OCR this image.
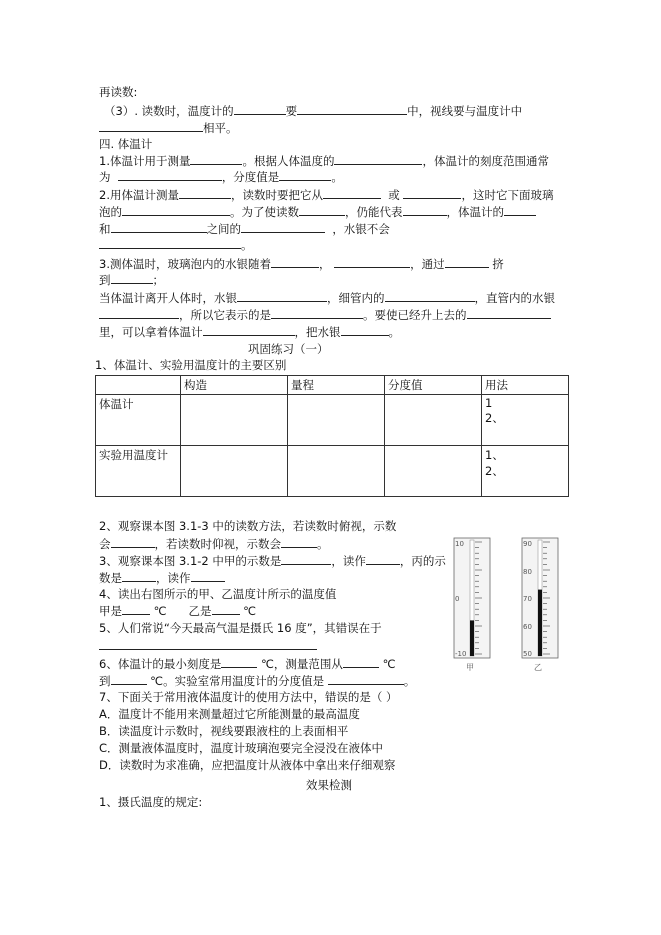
再读数:
（3）. 读数时，温度计的	要	中，视线要与温度计中
相平。
四. 体温计
1.体温计用于测量	。根据人体温度的	，体温计的刻度范围通常
为	，分度值是	。
2.用体温计测量	，读数时要把它从	或	，这时它下面玻璃
泡的	。为了使读数	，仍能代表	，体温计的
和	之间的	，水银不会
。
3.测体温时，玻璃泡内的水银随着	，	，通过	挤
到	；
当体温计离开人体时，水银	，细管内的	，直管内的水银
，所以它表示的是	。要使已经升上去的
里，可以拿着体温计	，把水银	。
巩固练习（一）
1、体温计、实验用温度计的主要区别
	构造	量程	分度值	用法
体温计				1
2、

实验用温度计				1、
2、
2、观察课本图 3.1-3 中的读数方法，若读数时俯视，示数
会	，若读数时仰视，示数会	。
3、观察课本图 3.1-2 中甲的示数是	，读作	，丙的示
数是	，读作
4、读出右图所示的甲、乙温度计所示的温度值
甲是	℃ 乙是	℃
5、人们常说“今天最高气温是摄氏 16 度”，其错误在于
6、体温计的最小刻度是	℃，测量范围从	℃
到	℃。实验室常用温度计的分度值是	。
7、下面关于常用液体温度计的使用方法中，错误的是（ ）
A．温度计不能用来测量超过它所能测量的最高温度
B．读温度计示数时，视线要跟液柱的上表面相平
C．测量液体温度时，温度计玻璃泡要完全浸没在液体中
D．读数时为求准确，应把温度计从液体中拿出来仔细观察
效果检测
1、摄氏温度的规定:
10
0
-10
甲
90
80
70
60
50
乙
